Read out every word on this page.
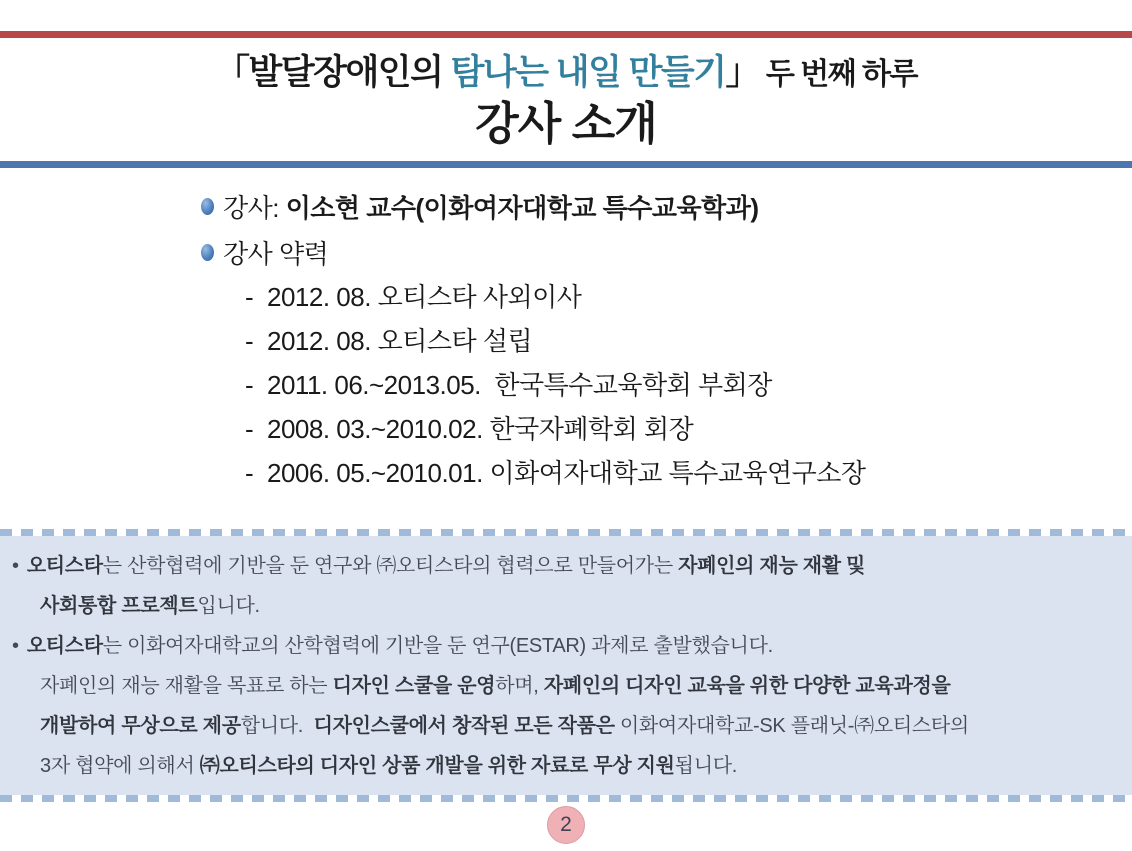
「발달장애인의 탐나는 내일 만들기」 두 번째 하루
강사 소개
강사: 이소현 교수(이화여자대학교 특수교육학과)
강사 약력
- 2012. 08. 오티스타 사외이사
- 2012. 08. 오티스타 설립
- 2011. 06.~2013.05.  한국특수교육학회 부회장
- 2008. 03.~2010.02. 한국자폐학회 회장
- 2006. 05.~2010.01. 이화여자대학교 특수교육연구소장
• 오티스타는 산학협력에 기반을 둔 연구와 ㈜오티스타의 협력으로 만들어가는 자폐인의 재능 재활 및
사회통합 프로젝트입니다.
• 오티스타는 이화여자대학교의 산학협력에 기반을 둔 연구(ESTAR) 과제로 출발했습니다.
자폐인의 재능 재활을 목표로 하는 디자인 스쿨을 운영하며, 자폐인의 디자인 교육을 위한 다양한 교육과정을
개발하여 무상으로 제공합니다.  디자인스쿨에서 창작된 모든 작품은 이화여자대학교-SK 플래닛-㈜오티스타의
3자 협약에 의해서 ㈜오티스타의 디자인 상품 개발을 위한 자료로 무상 지원됩니다.
2
